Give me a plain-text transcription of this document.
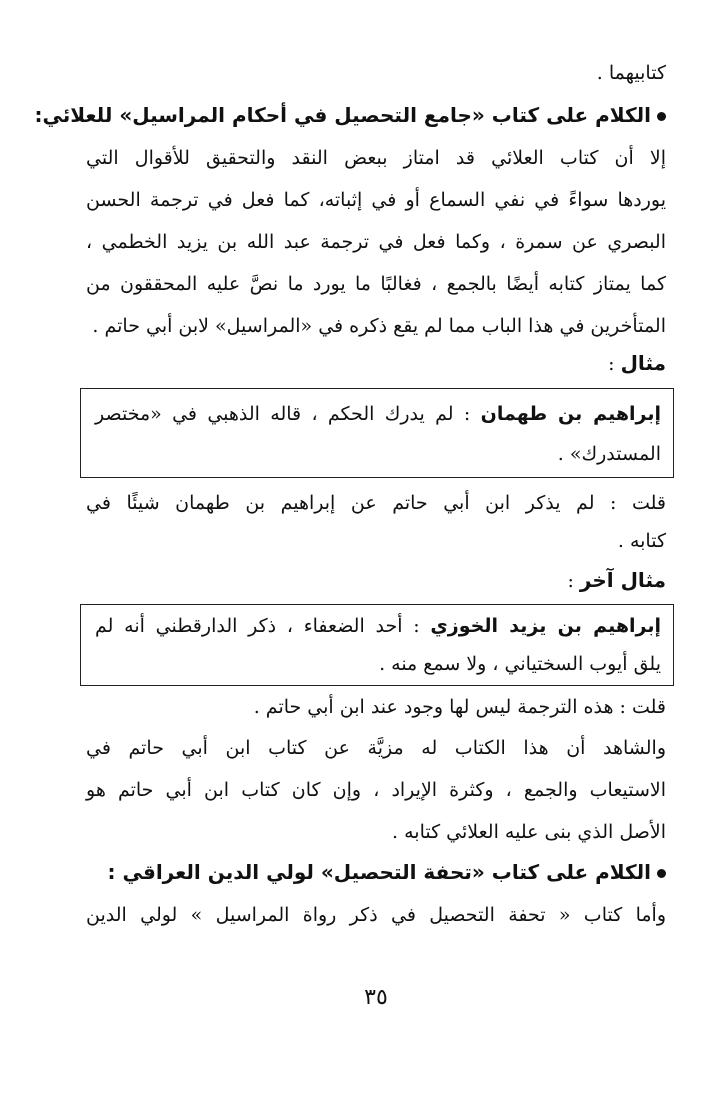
كتابيهما .
الكلام على كتاب «جامع التحصيل في أحكام المراسيل» للعلائي:
إلا أن كتاب العلائي قد امتاز ببعض النقد والتحقيق للأقوال التي
يوردها سواءً في نفي السماع أو في إثباته، كما فعل في ترجمة الحسن
البصري عن سمرة ، وكما فعل في ترجمة عبد الله بن يزيد الخطمي ،
كما يمتاز كتابه أيضًا بالجمع ، فغالبًا ما يورد ما نصَّ عليه المحققون من
المتأخرين في هذا الباب مما لم يقع ذكره في «المراسيل» لابن أبي حاتم .
مثال :
إبراهيم بن طهمان : لم يدرك الحكم ، قاله الذهبي في «مختصر
المستدرك» .
قلت : لم يذكر ابن أبي حاتم عن إبراهيم بن طهمان شيئًا في
كتابه .
مثال آخر :
إبراهيم بن يزيد الخوزي : أحد الضعفاء ، ذكر الدارقطني أنه لم
يلق أيوب السختياني ، ولا سمع منه .
قلت : هذه الترجمة ليس لها وجود عند ابن أبي حاتم .
والشاهد أن هذا الكتاب له مزيَّة عن كتاب ابن أبي حاتم في
الاستيعاب والجمع ، وكثرة الإيراد ، وإن كان كتاب ابن أبي حاتم هو
الأصل الذي بنى عليه العلائي كتابه .
الكلام على كتاب «تحفة التحصيل» لولي الدين العراقي :
وأما كتاب « تحفة التحصيل في ذكر رواة المراسيل » لولي الدين
٣٥
